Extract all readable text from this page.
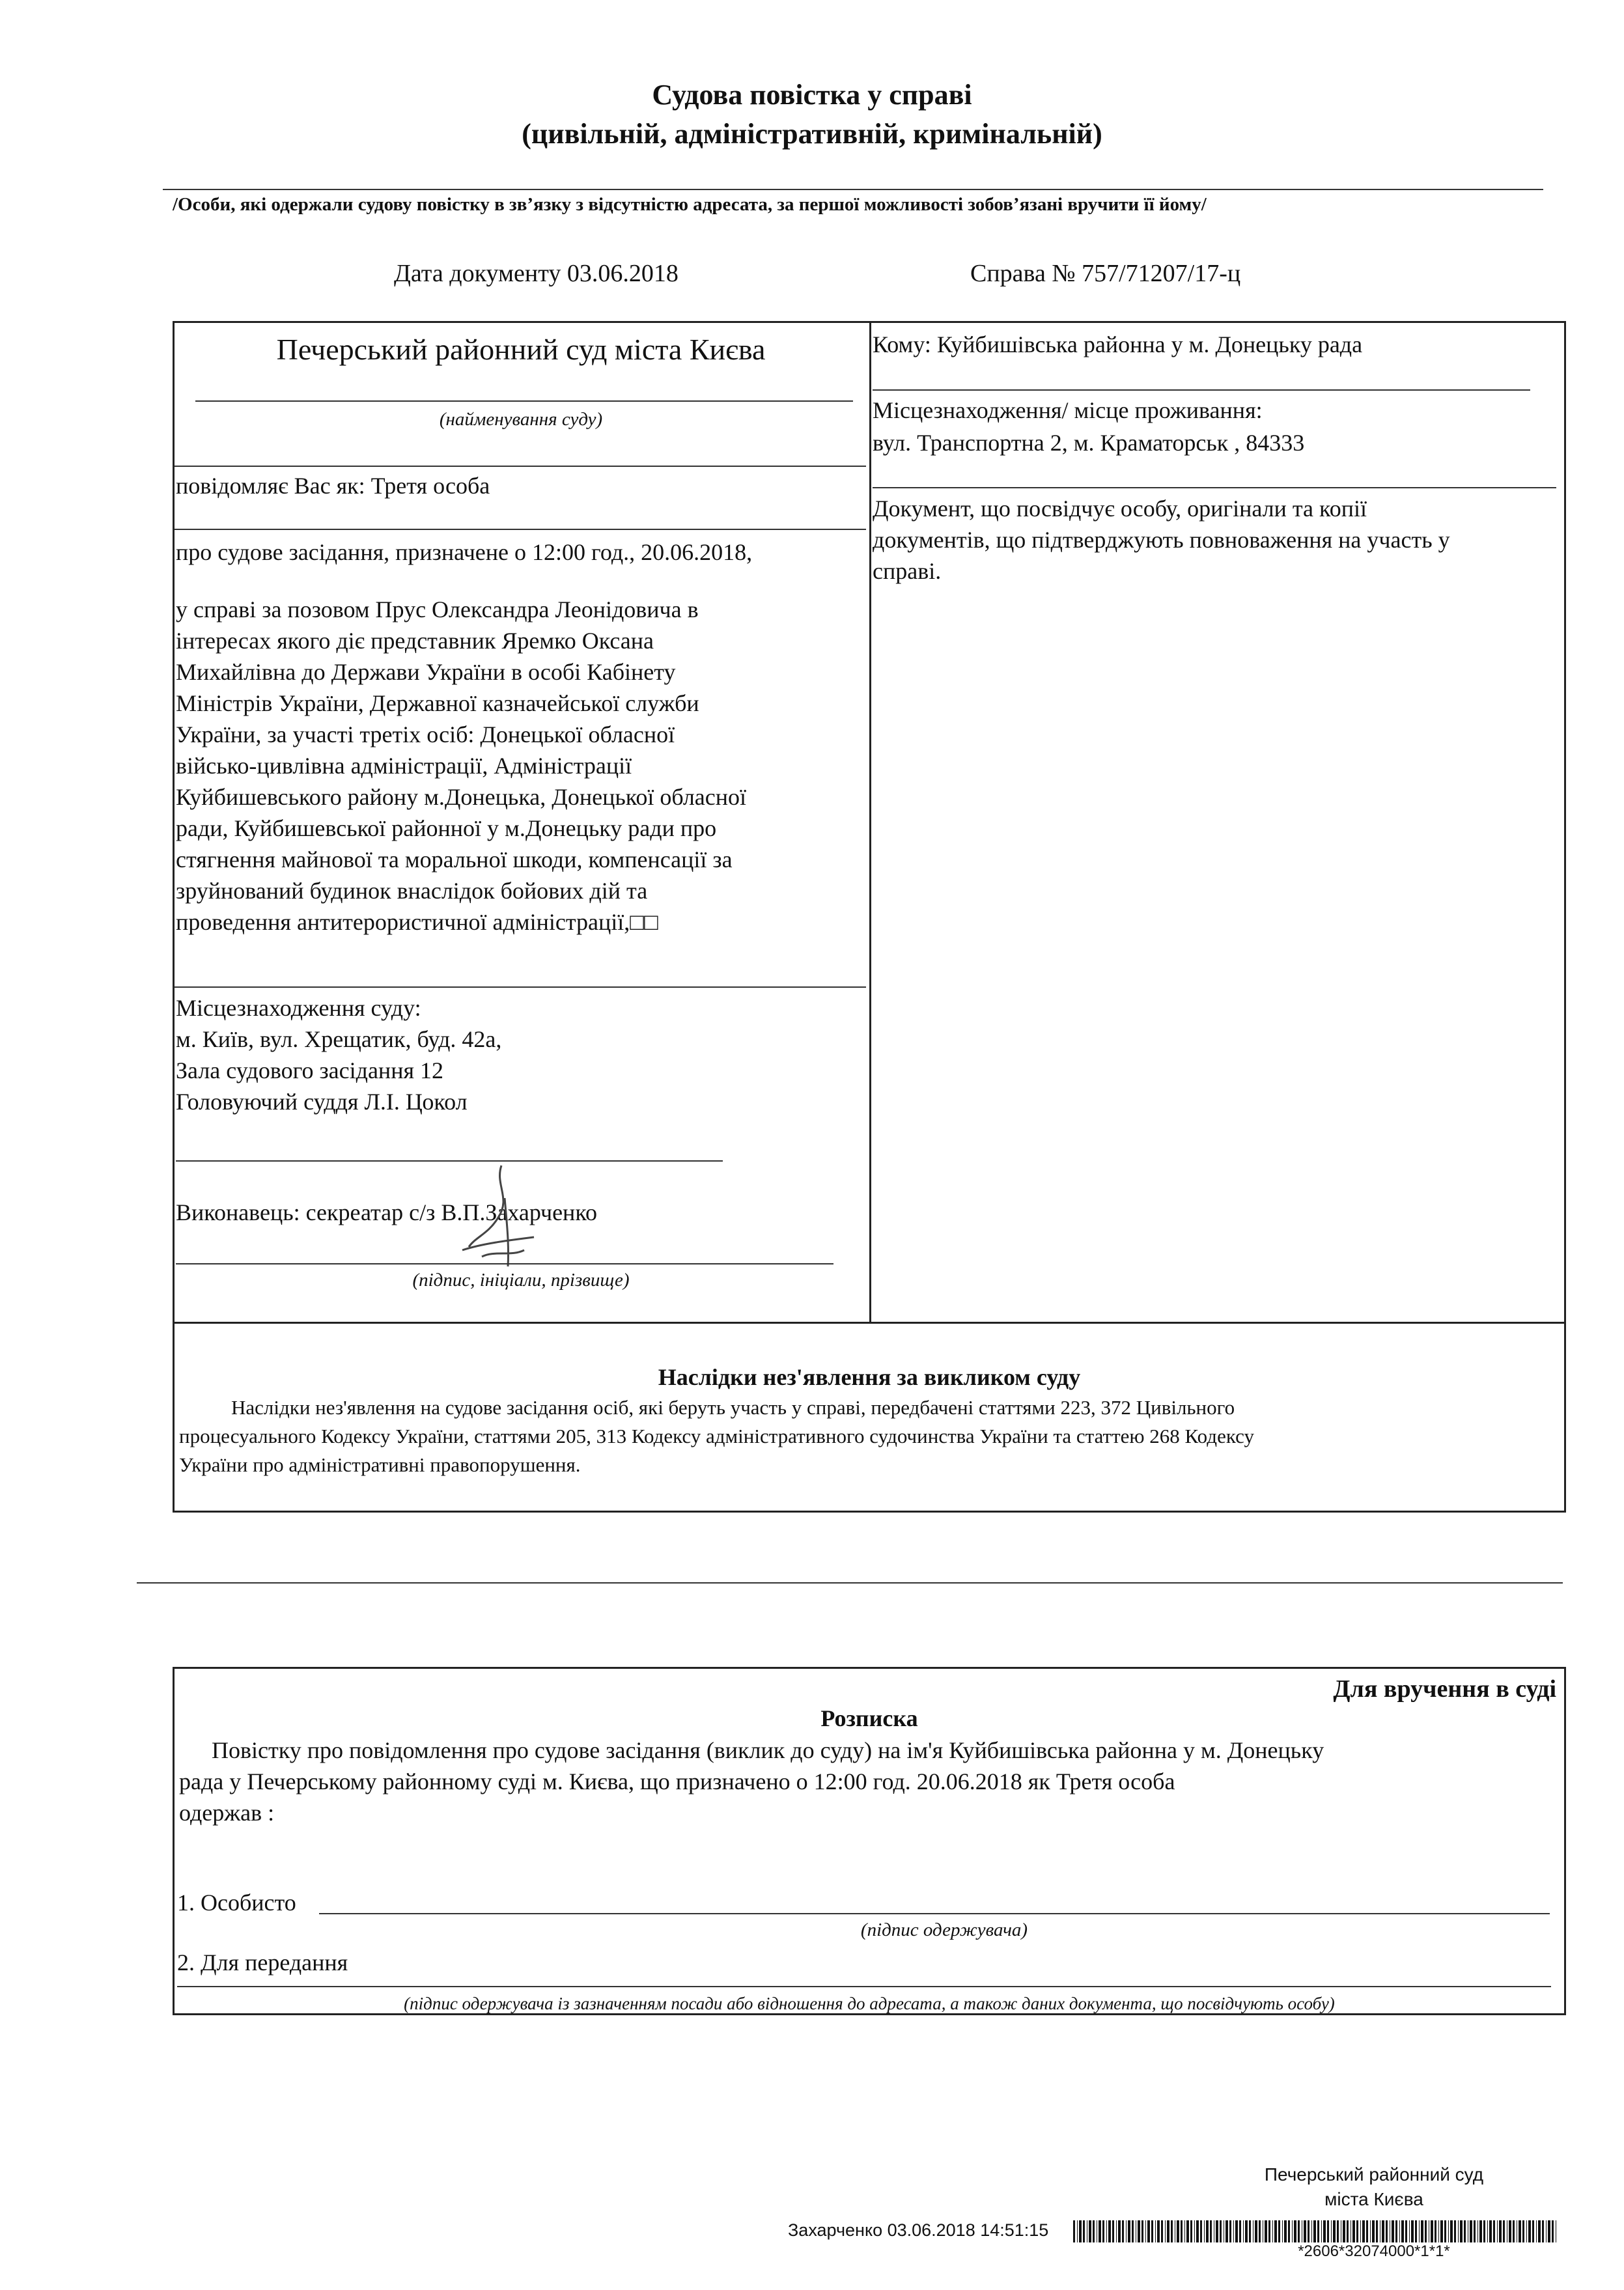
Судова повістка у справі
(цивільній, адміністративній, кримінальній)
/Особи, які одержали судову повістку в зв’язку з відсутністю адресата, за першої можливості зобов’язані вручити її йому/
Дата документу 03.06.2018	Справа № 757/71207/17-ц
Печерський районний суд міста Києва
(найменування суду)
повідомляє Вас як: Третя особа
про судове засідання, призначене о 12:00 год., 20.06.2018,
у справі за позовом Прус Олександра Леонідовича в
інтересах якого діє представник Яремко Оксана
Михайлівна до Держави України в особі Кабінету
Міністрів України, Державної казначейської служби
України, за участі третіх осіб: Донецької обласної
військо-цивлівна адміністрації, Адміністрації
Куйбишевського району м.Донецька, Донецької обласної
ради, Куйбишевської районної у м.Донецьку ради про
стягнення майнової та моральної шкоди, компенсації за
зруйнований будинок внаслідок бойових дій та
проведення антитерористичної адміністрації,□□
Місцезнаходження суду:
м. Київ, вул. Хрещатик, буд. 42а,
Зала судового засідання 12
Головуючий суддя Л.І. Цокол
Виконавець: секреатар с/з В.П.Захарченко
(підпис, ініціали, прізвище)
Кому: Куйбишівська районна у м. Донецьку рада
Місцезнаходження/ місце проживання:
вул. Транспортна 2, м. Краматорськ , 84333
Документ, що посвідчує особу, оригінали та копії
документів, що підтверджують повноваження на участь у
справі.
Наслідки нез'явлення за викликом суду
Наслідки нез'явлення на судове засідання осіб, які беруть участь у справі, передбачені статтями 223, 372 Цивільного
процесуального Кодексу України, статтями 205, 313 Кодексу адміністративного судочинства України та статтею 268 Кодексу
України про адміністративні правопорушення.
Для вручення в суді
Розписка
Повістку про повідомлення про судове засідання (виклик до суду) на ім'я Куйбишівська районна у м. Донецьку
рада у Печерському районному суді м. Києва, що призначено о 12:00 год. 20.06.2018 як Третя особа
одержав :
1. Особисто
(підпис одержувача)
2. Для передання
(підпис одержувача із зазначенням посади або відношення до адресата, а також даних документа, що посвідчують особу)
Печерський районний суд
міста Києва
Захарченко 03.06.2018 14:51:15
*2606*32074000*1*1*
